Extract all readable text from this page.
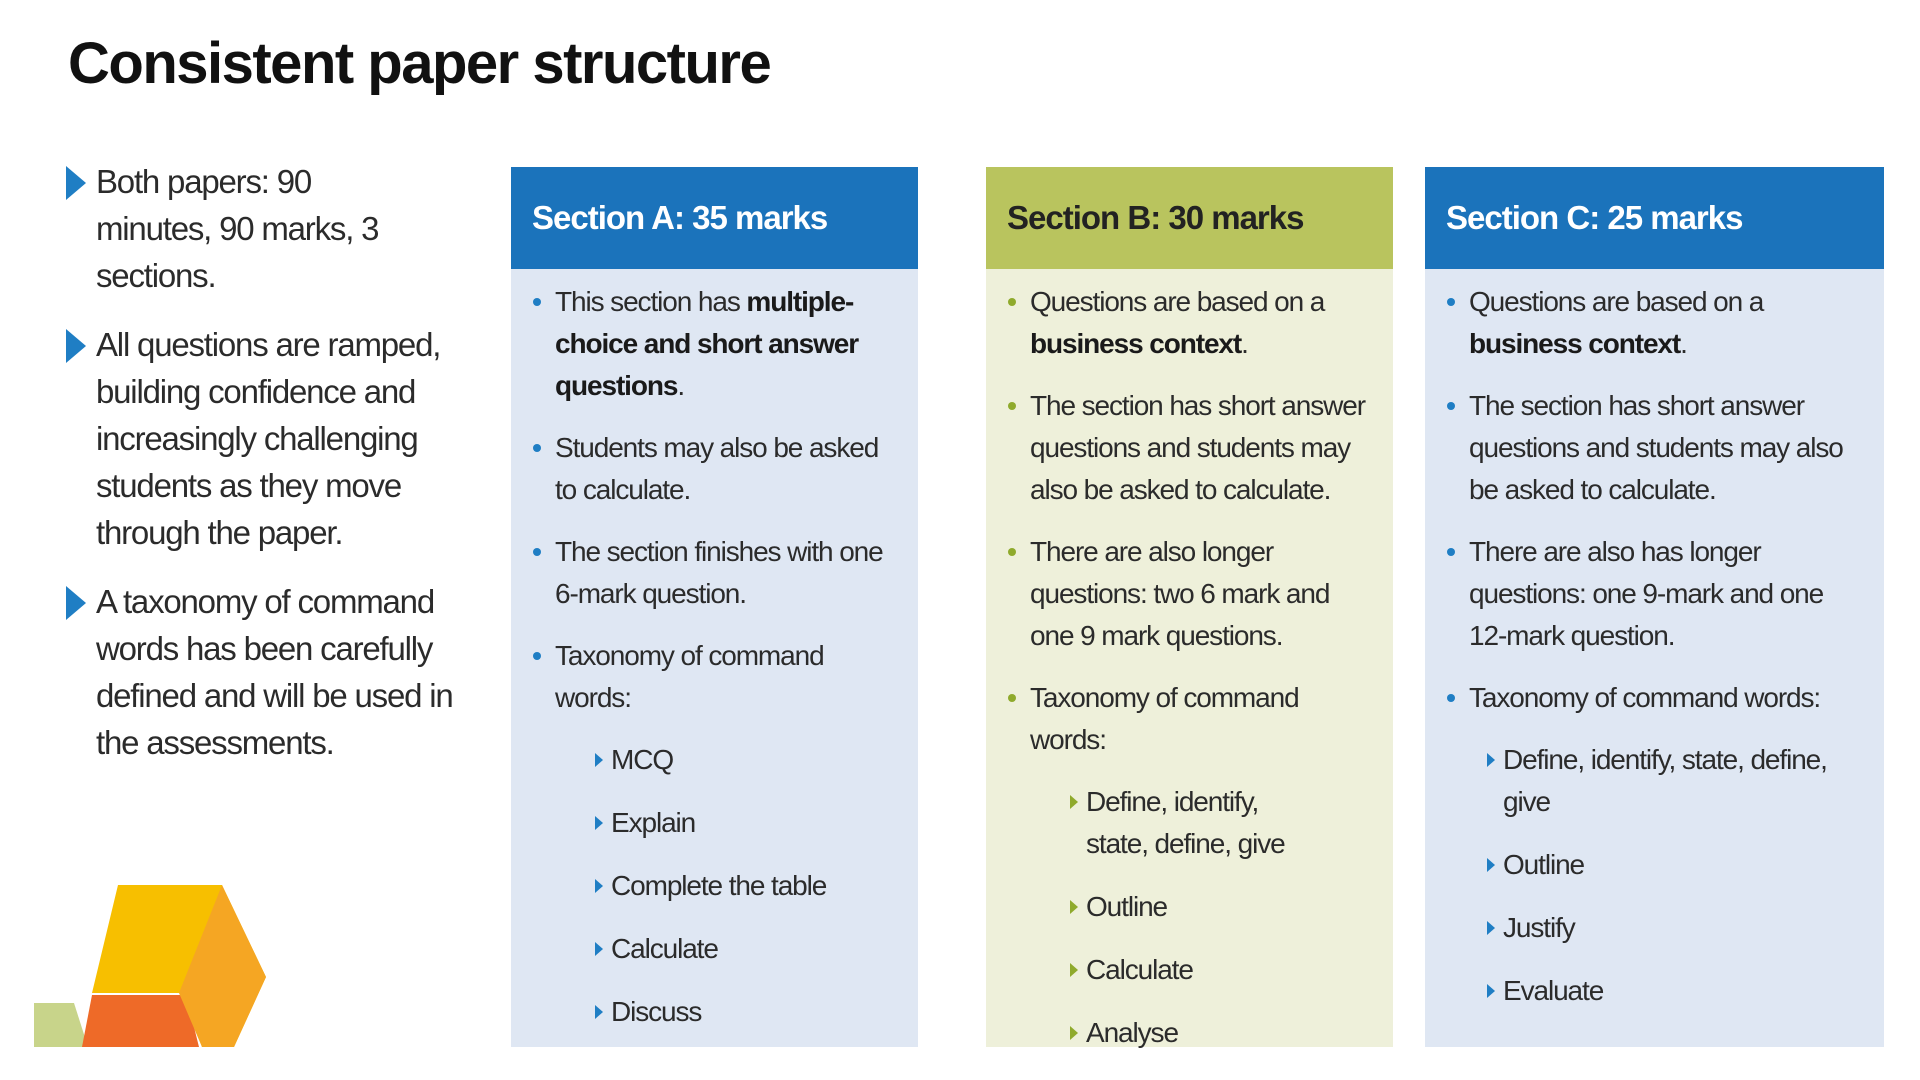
Consistent paper structure
Both papers: 90 minutes, 90 marks, 3 sections.
All questions are ramped, building confidence and increasingly challenging students as they move through the paper.
A taxonomy of command words has been carefully defined and will be used in the assessments.
Section A: 35 marks
This section has multiple-choice and short answer questions.
Students may also be asked to calculate.
The section finishes with one 6-mark question.
Taxonomy of command words:
MCQ
Explain
Complete the table
Calculate
Discuss
Section B: 30 marks
Questions are based on a business context.
The section has short answer questions and students may also be asked to calculate.
There are also longer questions: two 6 mark and one 9 mark questions.
Taxonomy of command words:
Define, identify, state, define, give
Outline
Calculate
Analyse
Section C: 25 marks
Questions are based on a business context.
The section has short answer questions and students may also be asked to calculate.
There are also has longer questions: one 9-mark and one 12-mark question.
Taxonomy of command words:
Define, identify, state, define, give
Outline
Justify
Evaluate
